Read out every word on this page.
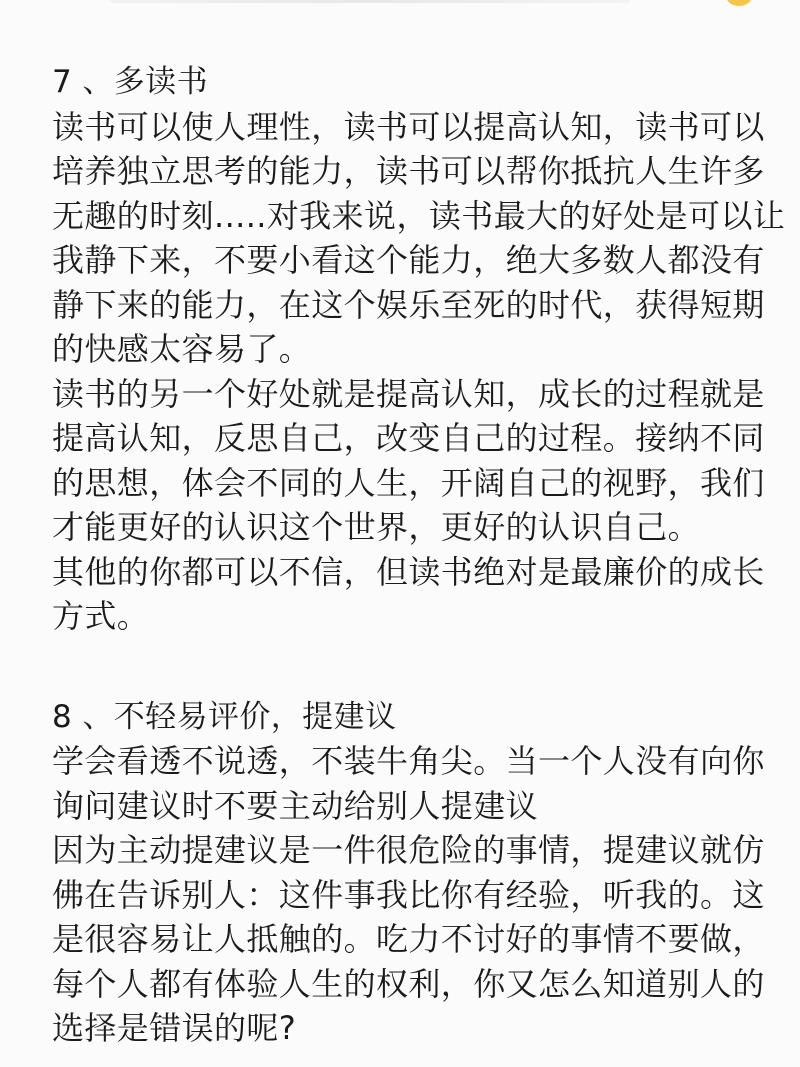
7 、多读书
读书可以使人理性，读书可以提高认知，读书可以
培养独立思考的能力，读书可以帮你抵抗人生许多
无趣的时刻.....对我来说，读书最大的好处是可以让
我静下来，不要小看这个能力，绝大多数人都没有
静下来的能力，在这个娱乐至死的时代，获得短期
的快感太容易了。
读书的另一个好处就是提高认知，成长的过程就是
提高认知，反思自己，改变自己的过程。接纳不同
的思想，体会不同的人生，开阔自己的视野，我们
才能更好的认识这个世界，更好的认识自己。
其他的你都可以不信，但读书绝对是最廉价的成长
方式。
8 、不轻易评价，提建议
学会看透不说透，不装牛角尖。当一个人没有向你
询问建议时不要主动给别人提建议
因为主动提建议是一件很危险的事情，提建议就仿
佛在告诉别人：这件事我比你有经验，听我的。这
是很容易让人抵触的。吃力不讨好的事情不要做，
每个人都有体验人生的权利，你又怎么知道别人的
选择是错误的呢?
